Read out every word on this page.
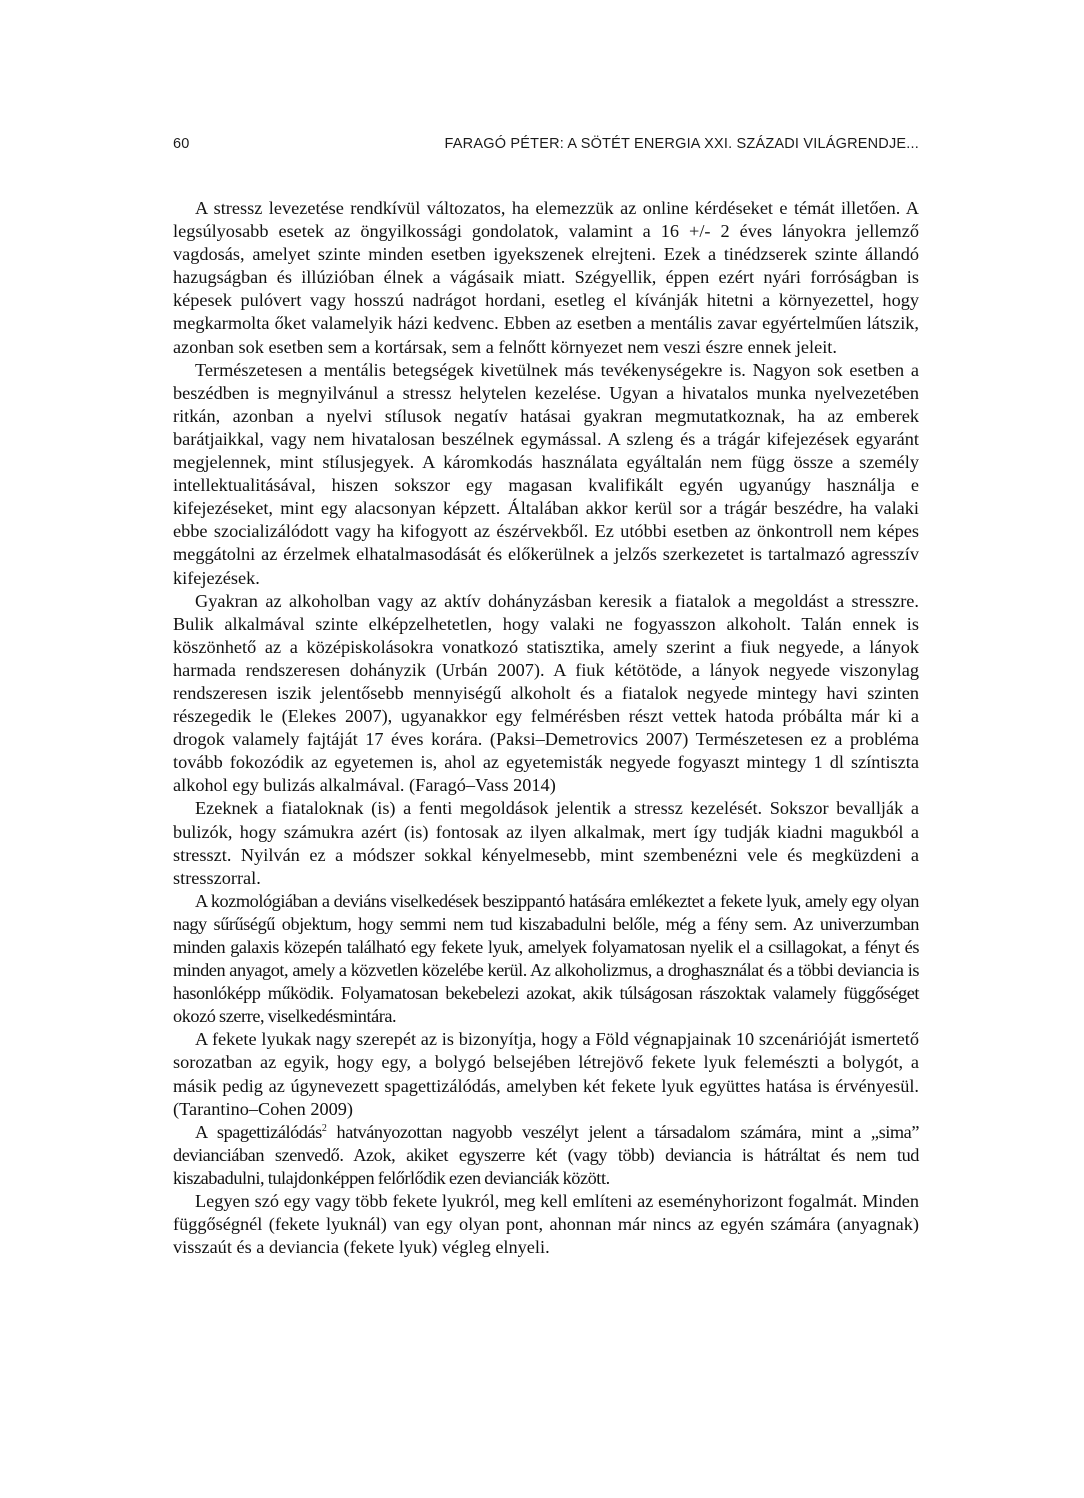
60	FARAGÓ PÉTER: A SÖTÉT ENERGIA XXI. SZÁZADI VILÁGRENDJE...

A stressz levezetése rendkívül változatos, ha elemezzük az online kérdéseket e témát illetően. A legsúlyosabb esetek az öngyilkossági gondolatok, valamint a 16 +/- 2 éves lányokra jellemző vagdosás, amelyet szinte minden esetben igyekszenek elrejteni. Ezek a tinédzserek szinte állandó hazugságban és illúzióban élnek a vágásaik miatt. Szégyellik, éppen ezért nyári forróságban is képesek pulóvert vagy hosszú nadrágot hordani, esetleg el kívánják hitetni a környezettel, hogy megkarmolta őket valamelyik házi kedvenc. Ebben az esetben a mentális zavar egyértelműen látszik, azonban sok esetben sem a kortársak, sem a felnőtt környezet nem veszi észre ennek jeleit.

Természetesen a mentális betegségek kivetülnek más tevékenységekre is. Nagyon sok esetben a beszédben is megnyilvánul a stressz helytelen kezelése. Ugyan a hivatalos munka nyelvezetében ritkán, azonban a nyelvi stílusok negatív hatásai gyakran megmutatkoznak, ha az emberek barátjaikkal, vagy nem hivatalosan beszélnek egymással. A szleng és a trágár kifejezések egyaránt megjelennek, mint stílusjegyek. A káromkodás használata egyáltalán nem függ össze a személy intellektualitásával, hiszen sokszor egy magasan kvalifikált egyén ugyanúgy használja e kifejezéseket, mint egy alacsonyan képzett. Általában akkor kerül sor a trágár beszédre, ha valaki ebbe szocializálódott vagy ha kifogyott az észérvekből. Ez utóbbi esetben az önkontroll nem képes meggátolni az érzelmek elhatalmasodását és előkerülnek a jelzős szerkezetet is tartalmazó agresszív kifejezések.

Gyakran az alkoholban vagy az aktív dohányzásban keresik a fiatalok a megoldást a stresszre. Bulik alkalmával szinte elképzelhetetlen, hogy valaki ne fogyasszon alkoholt. Talán ennek is köszönhető az a középiskolásokra vonatkozó statisztika, amely szerint a fiuk negyede, a lányok harmada rendszeresen dohányzik (Urbán 2007). A fiuk kétötöde, a lányok negyede viszonylag rendszeresen iszik jelentősebb mennyiségű alkoholt és a fiatalok negyede mintegy havi szinten részegedik le (Elekes 2007), ugyanakkor egy felmérésben részt vettek hatoda próbálta már ki a drogok valamely fajtáját 17 éves korára. (Paksi–Demetrovics 2007) Természetesen ez a probléma tovább fokozódik az egyetemen is, ahol az egyetemisták negyede fogyaszt mintegy 1 dl színtiszta alkohol egy bulizás alkalmával. (Faragó–Vass 2014)

Ezeknek a fiataloknak (is) a fenti megoldások jelentik a stressz kezelését. Sokszor bevallják a bulizók, hogy számukra azért (is) fontosak az ilyen alkalmak, mert így tudják kiadni magukból a stresszt. Nyilván ez a módszer sokkal kényelmesebb, mint szembenézni vele és megküzdeni a stresszorral.

A kozmológiában a deviáns viselkedések beszippantó hatására emlékeztet a fekete lyuk, amely egy olyan nagy sűrűségű objektum, hogy semmi nem tud kiszabadulni belőle, még a fény sem. Az univerzumban minden galaxis közepén található egy fekete lyuk, amelyek folyamatosan nyelik el a csillagokat, a fényt és minden anyagot, amely a közvetlen közelébe kerül. Az alkoholizmus, a droghasználat és a többi deviancia is hasonlóképp működik. Folyamatosan bekebelezi azokat, akik túlságosan rászoktak valamely függőséget okozó szerre, viselkedésmintára.

A fekete lyukak nagy szerepét az is bizonyítja, hogy a Föld végnapjainak 10 szcenárióját ismertető sorozatban az egyik, hogy egy, a bolygó belsejében létrejövő fekete lyuk felemészti a bolygót, a másik pedig az úgynevezett spagettizálódás, amelyben két fekete lyuk együttes hatása is érvényesül. (Tarantino–Cohen 2009)

A spagettizálódás$^2$ hatványozottan nagyobb veszélyt jelent a társadalom számára, mint a „sima” devianciában szenvedő. Azok, akiket egyszerre két (vagy több) deviancia is hátráltat és nem tud kiszabadulni, tulajdonképpen felőrlődik ezen devianciák között.

Legyen szó egy vagy több fekete lyukról, meg kell említeni az eseményhorizont fogalmát. Minden függőségnél (fekete lyuknál) van egy olyan pont, ahonnan már nincs az egyén számára (anyagnak) visszaút és a deviancia (fekete lyuk) végleg elnyeli.
